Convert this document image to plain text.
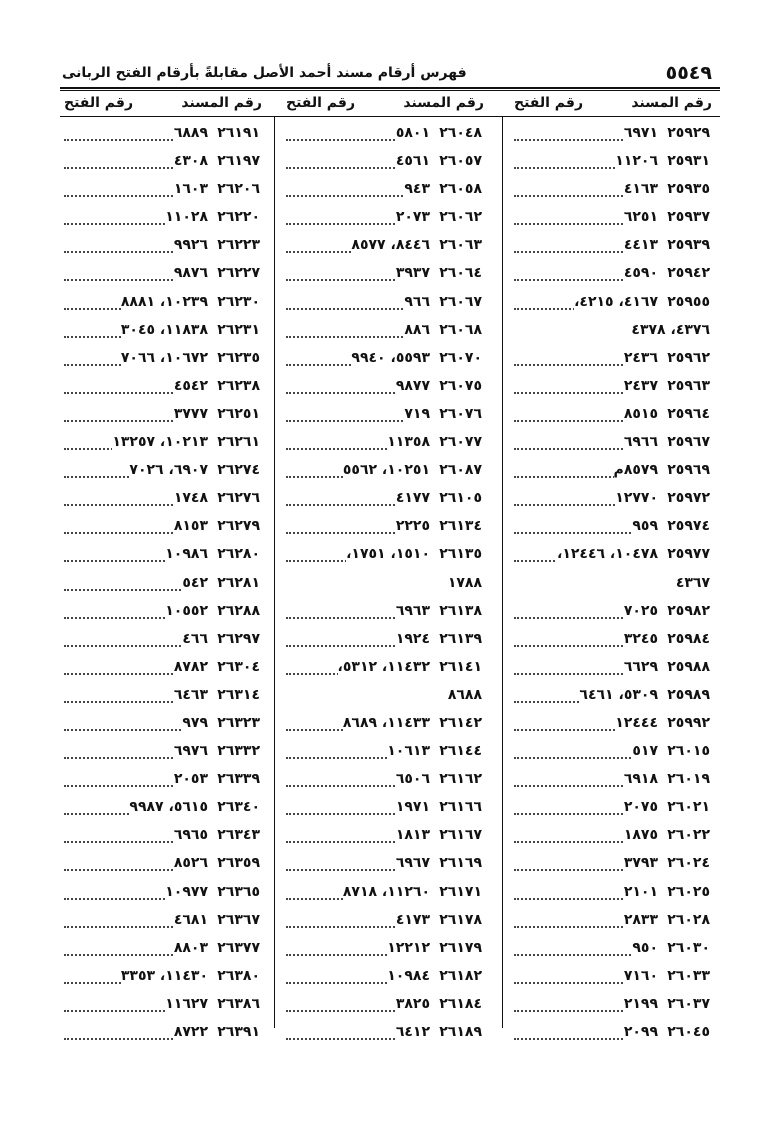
٥٥٤٩
فهرس أرقام مسند أحمد الأصل مقابلةً بأرقام الفتح الربانى
رقم المسند
رقم الفتح
٢٥٩٢٩
٦٩٧١
٢٥٩٣١
١١٢٠٦
٢٥٩٣٥
٤١٦٣
٢٥٩٣٧
٦٢٥١
٢٥٩٣٩
٤٤١٣
٢٥٩٤٢
٤٥٩٠
٢٥٩٥٥
٤١٦٧، ٤٢١٥،
٤٣٧٦، ٤٣٧٨
٢٥٩٦٢
٢٤٣٦
٢٥٩٦٣
٢٤٣٧
٢٥٩٦٤
٨٥١٥
٢٥٩٦٧
٦٩٦٦
٢٥٩٦٩
٨٥٧٩م
٢٥٩٧٢
١٢٧٧٠
٢٥٩٧٤
٩٥٩
٢٥٩٧٧
١٠٤٧٨، ١٢٤٤٦،
٤٣٦٧
٢٥٩٨٢
٧٠٢٥
٢٥٩٨٤
٣٢٤٥
٢٥٩٨٨
٦٦٢٩
٢٥٩٨٩
٥٣٠٩، ٦٤٦١
٢٥٩٩٢
١٢٤٤٤
٢٦٠١٥
٥١٧
٢٦٠١٩
٦٩١٨
٢٦٠٢١
٢٠٧٥
٢٦٠٢٢
١٨٧٥
٢٦٠٢٤
٣٧٩٣
٢٦٠٢٥
٢١٠١
٢٦٠٢٨
٢٨٣٣
٢٦٠٣٠
٩٥٠
٢٦٠٣٣
٧١٦٠
٢٦٠٣٧
٢١٩٩
٢٦٠٤٥
٢٠٩٩
رقم المسند
رقم الفتح
٢٦٠٤٨
٥٨٠١
٢٦٠٥٧
٤٥٦١
٢٦٠٥٨
٩٤٣
٢٦٠٦٢
٢٠٧٣
٢٦٠٦٣
٨٤٤٦، ٨٥٧٧
٢٦٠٦٤
٣٩٣٧
٢٦٠٦٧
٩٦٦
٢٦٠٦٨
٨٨٦
٢٦٠٧٠
٥٥٩٣، ٩٩٤٠
٢٦٠٧٥
٩٨٧٧
٢٦٠٧٦
٧١٩
٢٦٠٧٧
١١٣٥٨
٢٦٠٨٧
١٠٢٥١، ٥٥٦٢
٢٦١٠٥
٤١٧٧
٢٦١٣٤
٢٢٢٥
٢٦١٣٥
١٥١٠، ١٧٥١،
١٧٨٨
٢٦١٣٨
٦٩٦٣
٢٦١٣٩
١٩٢٤
٢٦١٤١
١١٤٣٢، ٥٣١٢،
٨٦٨٨
٢٦١٤٢
١١٤٣٣، ٨٦٨٩
٢٦١٤٤
١٠٦١٣
٢٦١٦٢
٦٥٠٦
٢٦١٦٦
١٩٧١
٢٦١٦٧
١٨١٣
٢٦١٦٩
٦٩٦٧
٢٦١٧١
١١٢٦٠، ٨٧١٨
٢٦١٧٨
٤١٧٣
٢٦١٧٩
١٢٢١٢
٢٦١٨٢
١٠٩٨٤
٢٦١٨٤
٣٨٢٥
٢٦١٨٩
٦٤١٢
رقم المسند
رقم الفتح
٢٦١٩١
٦٨٨٩
٢٦١٩٧
٤٣٠٨
٢٦٢٠٦
١٦٠٣
٢٦٢٢٠
١١٠٢٨
٢٦٢٢٣
٩٩٢٦
٢٦٢٢٧
٩٨٧٦
٢٦٢٣٠
١٠٢٣٩، ٨٨٨١
٢٦٢٣١
١١٨٣٨، ٣٠٤٥
٢٦٢٣٥
١٠٦٧٢، ٧٠٦٦
٢٦٢٣٨
٤٥٤٢
٢٦٢٥١
٣٧٧٧
٢٦٢٦١
١٠٢١٣، ١٣٢٥٧
٢٦٢٧٤
٦٩٠٧، ٧٠٢٦
٢٦٢٧٦
١٧٤٨
٢٦٢٧٩
٨١٥٣
٢٦٢٨٠
١٠٩٨٦
٢٦٢٨١
٥٤٢
٢٦٢٨٨
١٠٥٥٢
٢٦٢٩٧
٤٦٦
٢٦٣٠٤
٨٧٨٢
٢٦٣١٤
٦٤٦٣
٢٦٣٢٣
٩٧٩
٢٦٣٣٢
٦٩٧٦
٢٦٣٣٩
٢٠٥٣
٢٦٣٤٠
٥٦١٥، ٩٩٨٧
٢٦٣٤٣
٦٩٦٥
٢٦٣٥٩
٨٥٢٦
٢٦٣٦٥
١٠٩٧٧
٢٦٣٦٧
٤٦٨١
٢٦٣٧٧
٨٨٠٣
٢٦٣٨٠
١١٤٣٠، ٣٣٥٣
٢٦٣٨٦
١١٦٢٧
٢٦٣٩١
٨٧٢٢
